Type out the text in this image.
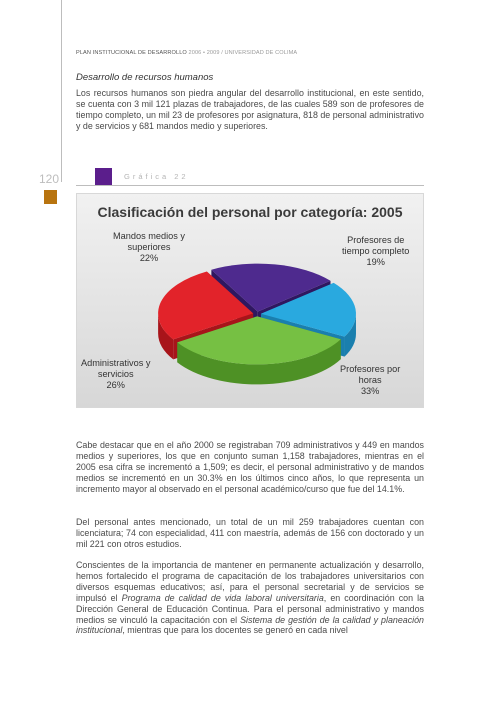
PLAN INSTITUCIONAL DE DESARROLLO 2006 • 2009 / UNIVERSIDAD DE COLIMA
Desarrollo de recursos humanos

Los recursos humanos son piedra angular del desarrollo institucional, en este sentido, se cuenta con 3 mil 121 plazas de trabajadores, de las cuales 589 son de profesores de tiempo completo, un mil 23 de profesores por asignatura, 818 de personal administrativo y de servicios y 681 mandos medio y superiores.

120	Gráfica 22
Clasificación del personal por categoría: 2005
Profesores de
tiempo completo
19%
Profesores por
horas
33%
Administrativos y
servicios
26%
Mandos medios y
superiores
22%

Cabe destacar que en el año 2000 se registraban 709 administrativos y 449 en mandos medios y superiores, los que en conjunto suman 1,158 trabajadores, mientras en el 2005 esa cifra se incrementó a 1,509; es decir, el personal administrativo y de mandos medios se incrementó en un 30.3% en los últimos cinco años, lo que representa un incremento mayor al observado en el personal académico/curso que fue del 14.1%.

Del personal antes mencionado, un total de un mil 259 trabajadores cuentan con licenciatura; 74 con especialidad, 411 con maestría, además de 156 con doctorado y un mil 221 con otros estudios.

Conscientes de la importancia de mantener en permanente actualización y desarrollo, hemos fortalecido el programa de capacitación de los trabajadores universitarios con diversos esquemas educativos; así, para el personal secretarial y de servicios se impulsó el Programa de calidad de vida laboral universitaria, en coordinación con la Dirección General de Educación Continua. Para el personal administrativo y mandos medios se vinculó la capacitación con el Sistema de gestión de la calidad y planeación institucional, mientras que para los docentes se generó en cada nivel
